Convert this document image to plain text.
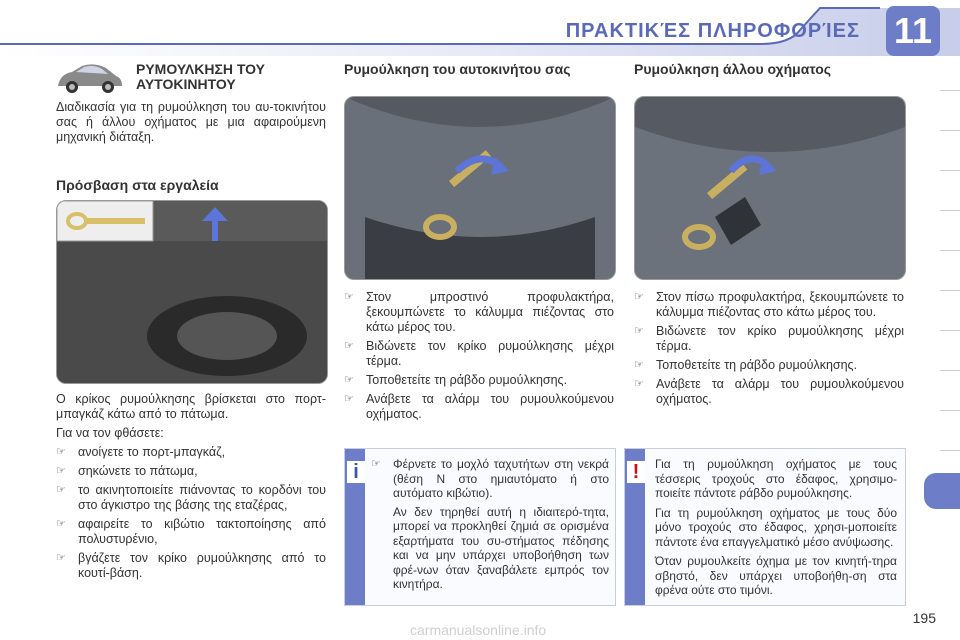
ΠΡΑΚΤΙΚΈΣ ΠΛΗΡΟΦΟΡΊΕΣ 11
ΡΥΜΟΥΛΚΗΣΗ ΤΟΥ ΑΥΤΟΚΙΝΗΤΟΥ

Διαδικασία για τη ρυμούλκηση του αυ-τοκινήτου σας ή άλλου οχήματος με μια αφαιρούμενη μηχανική διάταξη.

Πρόσβαση στα εργαλεία

Ο κρίκος ρυμούλκησης βρίσκεται στο πορτ-μπαγκάζ κάτω από το πάτωμα.

Για να τον φθάσετε:

☞ ανοίγετε το πορτ-μπαγκάζ,
☞ σηκώνετε το πάτωμα,
☞ το ακινητοποιείτε πιάνοντας το κορδόνι του στο άγκιστρο της βάσης της εταζέρας,
☞ αφαιρείτε το κιβώτιο τακτοποίησης από πολυστυρένιο,
☞ βγάζετε τον κρίκο ρυμούλκησης από το κουτί-βάση.
Ρυμούλκηση του αυτοκινήτου σας
☞ Στον μπροστινό προφυλακτήρα, ξεκουμπώνετε το κάλυμμα πιέζοντας στο κάτω μέρος του.
☞ Βιδώνετε τον κρίκο ρυμούλκησης μέχρι τέρμα.
☞ Τοποθετείτε τη ράβδο ρυμούλκησης.
☞ Ανάβετε τα αλάρμ του ρυμουλκούμενου οχήματος.
i	☞ Φέρνετε το μοχλό ταχυτήτων στη νεκρά (θέση N στο ημιαυτόματο ή στο αυτόματο κιβώτιο).

Αν δεν τηρηθεί αυτή η ιδιαιτερό-τητα, μπορεί να προκληθεί ζημιά σε ορισμένα εξαρτήματα του συ-στήματος πέδησης και να μην υπάρχει υποβοήθηση των φρέ-νων όταν ξαναβάλετε εμπρός τον κινητήρα.

Ρυμούλκηση άλλου οχήματος
☞ Στον πίσω προφυλακτήρα, ξεκουμπώνετε το κάλυμμα πιέζοντας στο κάτω μέρος του.
☞ Βιδώνετε τον κρίκο ρυμούλκησης μέχρι τέρμα.
☞ Τοποθετείτε τη ράβδο ρυμούλκησης.
☞ Ανάβετε τα αλάρμ του ρυμουλκούμενου οχήματος.
!	Για τη ρυμούλκηση οχήματος με τους τέσσερις τροχούς στο έδαφος, χρησιμο-ποιείτε πάντοτε ράβδο ρυμούλκησης.

Για τη ρυμούλκηση οχήματος με τους δύο μόνο τροχούς στο έδαφος, χρησι-μοποιείτε πάντοτε ένα επαγγελματικό μέσο ανύψωσης.

Όταν ρυμουλκείτε όχημα με τον κινητή-τηρα σβηστό, δεν υπάρχει υποβοήθη-ση στα φρένα ούτε στο τιμόνι.

195
carmanualsonline.info
